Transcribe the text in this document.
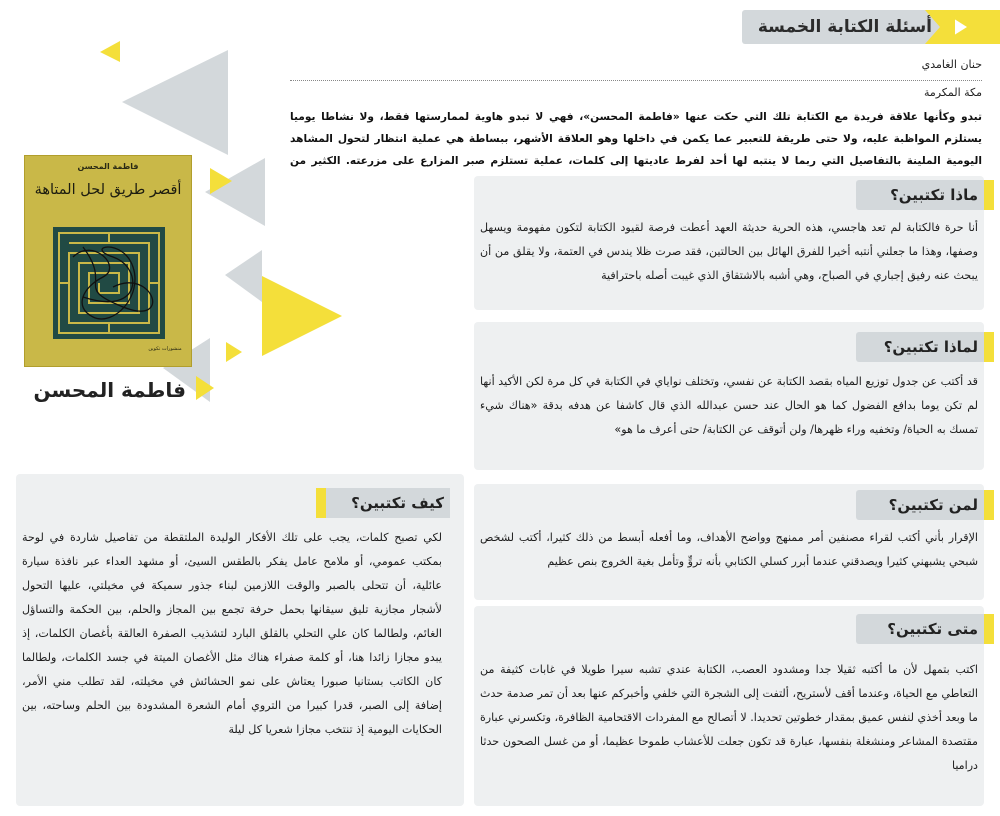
أسئلة الكتابة الخمسة
حنان الغامدي
مكة المكرمة
تبدو وكأنها علاقة فريدة مع الكتابة تلك التي حكت عنها «فاطمة المحسن»، فهي لا تبدو هاوية لممارستها فقط، ولا نشاطا يوميا يستلزم المواظبة عليه، ولا حتى طريقة للتعبير عما يكمن في داخلها وهو العلاقة الأشهر، ببساطة هي عملية انتظار لتحول المشاهد اليومية الملينة بالتفاصيل التي ربما لا ينتبه لها أحد لفرط عاديتها إلى كلمات، عملية تستلزم صبر المزارع على مزرعته. الكثير من
فاطمة المحسن
أقصر طريق لحل المتاهة
منشورات تكوين
فاطمة المحسن
ماذا تكتبين؟
أنا حرة فالكتابة لم تعد هاجسي، هذه الحرية حديثة العهد أعطت فرصة لقيود الكتابة لتكون مفهومة ويسهل وصفها، وهذا ما جعلني أنتبه أخيرا للفرق الهائل بين الحالتين، فقد صرت ظلا يندس في العتمة، ولا يقلق من أن يبحث عنه رفيق إجباري في الصباح، وهي أشبه بالاشتقاق الذي غيبت أصله باحترافية
لماذا تكتبين؟
قد أكتب عن جدول توزيع المياه بقصد الكتابة عن نفسي، وتختلف نواياي في الكتابة في كل مرة لكن الأكيد أنها لم تكن يوما بدافع الفضول كما هو الحال عند حسن عبدالله الذي قال كاشفا عن هدفه بدقة «هناك شيء تمسك به الحياة/ وتخفيه وراء ظهرها/ ولن أتوقف عن الكتابة/ حتى أعرف ما هو»
لمن تكتبين؟
الإقرار بأني أكتب لقراء مصنفين أمر ممنهج وواضح الأهداف، وما أفعله أبسط من ذلك كثيرا، أكتب لشخص شبحي يشبهني كثيرا ويصدقني عندما أبرر كسلي الكتابي بأنه تروٍّ وتأمل بغية الخروج بنص عظيم
متى تكتبين؟
اكتب بتمهل لأن ما أكتبه ثقيلا جدا ومشدود العصب، الكتابة عندي تشبه سيرا طويلا في غابات كثيفة من التعاطي مع الحياة، وعندما أقف لأستريح، ألتفت إلى الشجرة التي خلفي وأخبركم عنها بعد أن تمر صدمة حدث ما وبعد أخذي لنفس عميق بمقدار خطوتين تحديدا. لا أتصالح مع المفردات الاقتحامية الظافرة، وتكسرني عبارة مقتصدة المشاعر ومنشغلة بنفسها، عبارة قد تكون جعلت للأعشاب طموحا عظيما، أو من غسل الصحون حدثا دراميا
كيف تكتبين؟
لكي تصبح كلمات، يجب على تلك الأفكار الوليدة الملتقطة من تفاصيل شاردة في لوحة بمكتب عمومي، أو ملامح عامل يفكر بالطقس السيئ، أو مشهد العداء عبر نافذة سيارة عائلية، أن تتحلى بالصبر والوقت اللازمين لبناء جذور سميكة في مخيلتي، عليها التحول لأشجار مجازية تليق سيقانها بحمل حرفة تجمع بين المجاز والحلم، بين الحكمة والتساؤل الغائم، ولطالما كان علي التحلي بالقلق البارد لتشذيب الصفرة العالقة بأغصان الكلمات، إذ يبدو مجازا زائدا هنا، أو كلمة صفراء هناك مثل الأغصان الميتة في جسد الكلمات، ولطالما كان الكاتب بستانيا صبورا يعتاش على نمو الحشائش في مخيلته، لقد تطلب مني الأمر، إضافة إلى الصبر، قدرا كبيرا من التروي أمام الشعرة المشدودة بين الحلم وساحته، بين الحكايات اليومية إذ تنتخب مجازا شعريا كل ليلة
